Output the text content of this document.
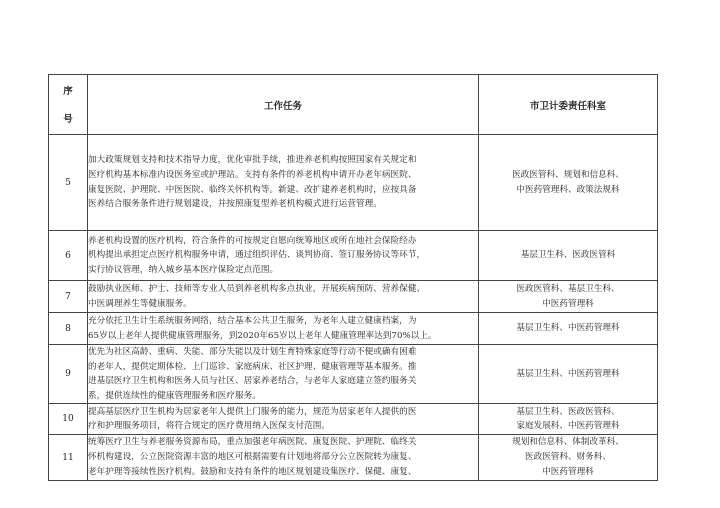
序
号	工作任务	市卫计委责任科室
5	加大政策规划支持和技术指导力度，优化审批手续，推进养老机构按照国家有关规定和
医疗机构基本标准内设医务室或护理站。支持有条件的养老机构申请开办老年病医院、
康复医院、护理院、中医医院、临终关怀机构等。新建、改扩建养老机构时，应按具备
医养结合服务条件进行规划建设，并按照康复型养老机构模式进行运营管理。	医政医管科、规划和信息科、
中医药管理科、政策法规科

6	养老机构设置的医疗机构，符合条件的可按规定自愿向统筹地区或所在地社会保险经办
机构提出承担定点医疗机构服务申请，通过组织评估、谈判协商、签订服务协议等环节，
实行协议管理，纳入城乡基本医疗保险定点范围。	基层卫生科、医政医管科

7	鼓励执业医师、护士、技师等专业人员到养老机构多点执业，开展疾病预防、营养保健、
中医调理养生等健康服务。	医政医管科、基层卫生科、
中医药管理科

8	充分依托卫生计生系统服务网络，结合基本公共卫生服务，为老年人建立健康档案，为
65岁以上老年人提供健康管理服务，到2020年65岁以上老年人健康管理率达到70%以上。	基层卫生科、中医药管理科

9	优先为社区高龄、重病、失能、部分失能以及计划生育特殊家庭等行动不便或确有困难
的老年人，提供定期体检、上门巡诊、家庭病床、社区护理、健康管理等基本服务。推
进基层医疗卫生机构和医务人员与社区、居家养老结合，与老年人家庭建立签约服务关
系，提供连续性的健康管理服务和医疗服务。	基层卫生科、中医药管理科

10	提高基层医疗卫生机构为居家老年人提供上门服务的能力，规范为居家老年人提供的医
疗和护理服务项目，将符合规定的医疗费用纳入医保支付范围。	基层卫生科、医政医管科、
家庭发展科、中医药管理科

11	统筹医疗卫生与养老服务资源布局，重点加强老年病医院、康复医院、护理院、临终关
怀机构建设，公立医院资源丰富的地区可根据需要有计划地将部分公立医院转为康复、
老年护理等接续性医疗机构。鼓励和支持有条件的地区规划建设集医疗、保健、康复、	规划和信息科、体制改革科、
医政医管科、财务科、
中医药管理科
